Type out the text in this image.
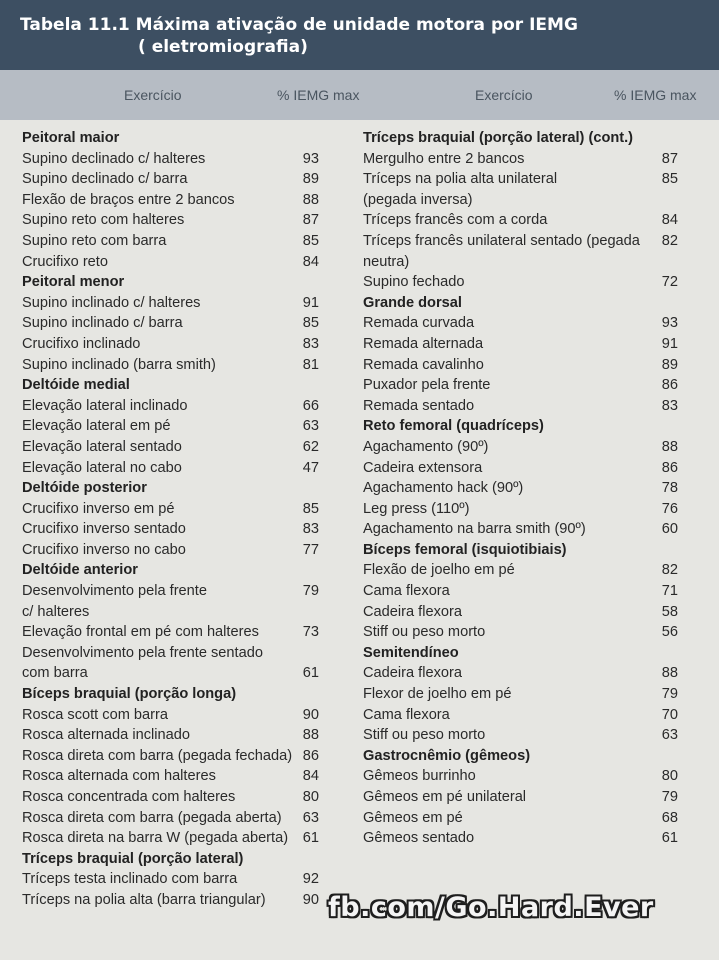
Tabela 11.1 Máxima ativação de unidade motora por IEMG
( eletromiografia)
Exercício	% IEMG max	Exercício	% IEMG max
Peitoral maior
Supino declinado c/ halteres	93
Supino declinado c/ barra	89
Flexão de braços entre 2 bancos	88
Supino reto com halteres	87
Supino reto com barra	85
Crucifixo reto	84
Peitoral menor
Supino inclinado c/ halteres	91
Supino inclinado c/ barra	85
Crucifixo inclinado	83
Supino inclinado (barra smith)	81
Deltóide medial
Elevação lateral inclinado	66
Elevação lateral em pé	63
Elevação lateral sentado	62
Elevação lateral no cabo	47
Deltóide posterior
Crucifixo inverso em pé	85
Crucifixo inverso sentado	83
Crucifixo inverso no cabo	77
Deltóide anterior
Desenvolvimento pela frente
c/ halteres
79
Elevação frontal em pé com halteres	73
Desenvolvimento pela frente sentado
com barra	61
Bíceps braquial (porção longa)
Rosca scott com barra	90
Rosca alternada inclinado	88
Rosca direta com barra (pegada fechada) 86
Rosca alternada com halteres	84
Rosca concentrada com halteres	80
Rosca direta com barra (pegada aberta) 63
Rosca direta na barra W (pegada aberta) 61
Tríceps braquial (porção lateral)
Tríceps testa inclinado com barra	92
Tríceps na polia alta (barra triangular)	90
Tríceps braquial (porção lateral) (cont.)
Mergulho entre 2 bancos	87
Tríceps na polia alta unilateral
(pegada inversa)
85
Tríceps francês com a corda	84
Tríceps francês unilateral sentado (pegada
neutra)
82
Supino fechado	72
Grande dorsal
Remada curvada	93
Remada alternada	91
Remada cavalinho	89
Puxador pela frente	86
Remada sentado	83
Reto femoral (quadríceps)
Agachamento (90º)	88
Cadeira extensora	86
Agachamento hack (90º)	78
Leg press (110º)	76
Agachamento na barra smith (90º)	60
Bíceps femoral (isquiotibiais)
Flexão de joelho em pé	82
Cama flexora	71
Cadeira flexora	58
Stiff ou peso morto	56
Semitendíneo
Cadeira flexora	88
Flexor de joelho em pé	79
Cama flexora	70
Stiff ou peso morto	63
Gastrocnêmio (gêmeos)
Gêmeos burrinho	80
Gêmeos em pé unilateral	79
Gêmeos em pé	68
Gêmeos sentado	61
fb.com/Go.Hard.Ever
